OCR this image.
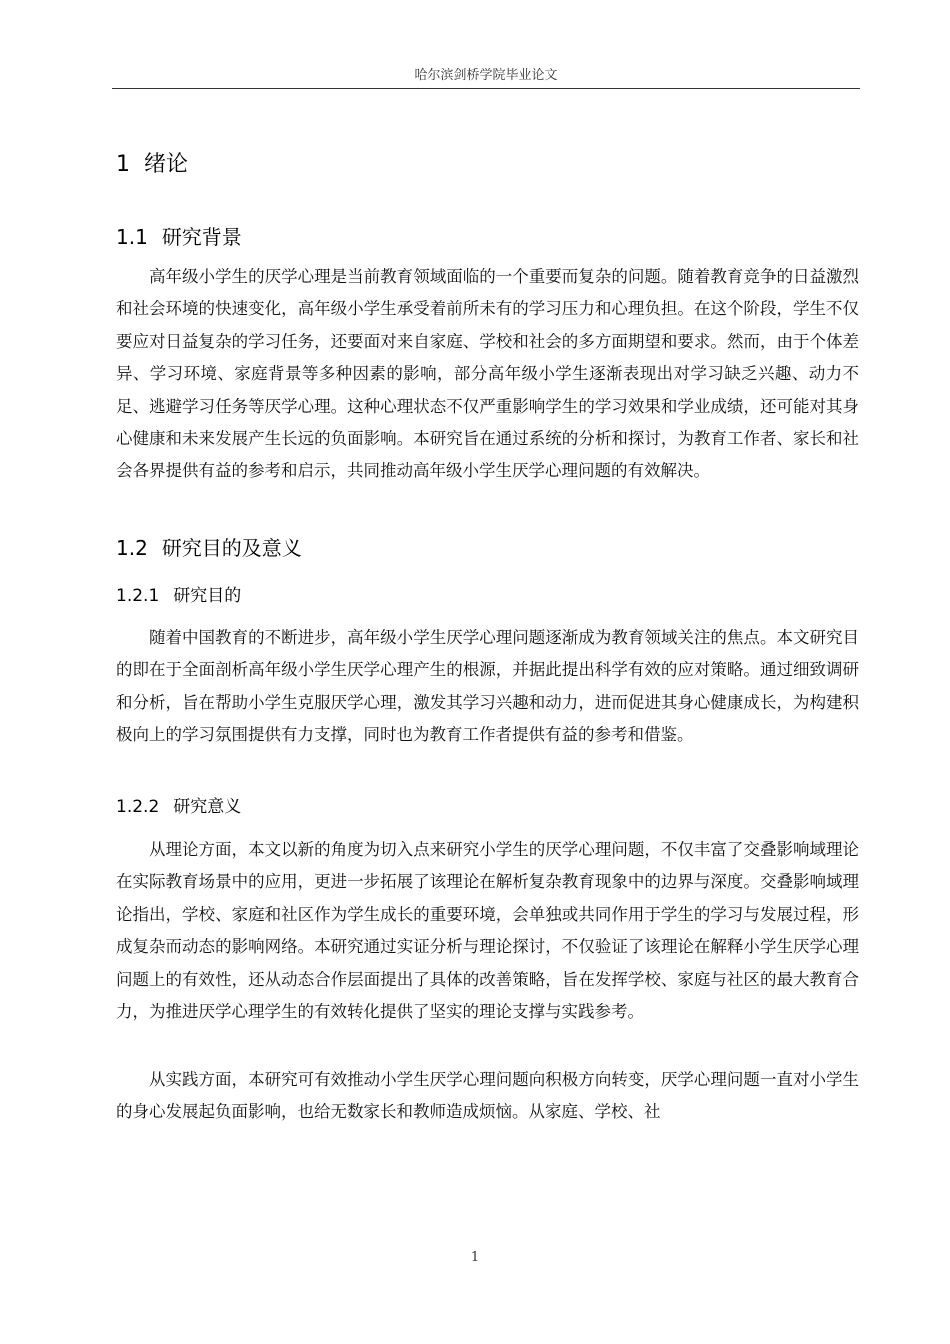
哈尔滨剑桥学院毕业论文
1 绪论
1.1 研究背景

高年级小学生的厌学心理是当前教育领域面临的一个重要而复杂的问题。随着教育竞争的日益激烈和社会环境的快速变化，高年级小学生承受着前所未有的学习压力和心理负担。在这个阶段，学生不仅要应对日益复杂的学习任务，还要面对来自家庭、学校和社会的多方面期望和要求。然而，由于个体差异、学习环境、家庭背景等多种因素的影响，部分高年级小学生逐渐表现出对学习缺乏兴趣、动力不足、逃避学习任务等厌学心理。这种心理状态不仅严重影响学生的学习效果和学业成绩，还可能对其身心健康和未来发展产生长远的负面影响。本研究旨在通过系统的分析和探讨，为教育工作者、家长和社会各界提供有益的参考和启示，共同推动高年级小学生厌学心理问题的有效解决。

1.2 研究目的及意义
1.2.1 研究目的

随着中国教育的不断进步，高年级小学生厌学心理问题逐渐成为教育领域关注的焦点。本文研究目的即在于全面剖析高年级小学生厌学心理产生的根源，并据此提出科学有效的应对策略。通过细致调研和分析，旨在帮助小学生克服厌学心理，激发其学习兴趣和动力，进而促进其身心健康成长，为构建积极向上的学习氛围提供有力支撑，同时也为教育工作者提供有益的参考和借鉴。

1.2.2 研究意义

从理论方面，本文以新的角度为切入点来研究小学生的厌学心理问题，不仅丰富了交叠影响域理论在实际教育场景中的应用，更进一步拓展了该理论在解析复杂教育现象中的边界与深度。交叠影响域理论指出，学校、家庭和社区作为学生成长的重要环境，会单独或共同作用于学生的学习与发展过程，形成复杂而动态的影响网络。本研究通过实证分析与理论探讨，不仅验证了该理论在解释小学生厌学心理问题上的有效性，还从动态合作层面提出了具体的改善策略，旨在发挥学校、家庭与社区的最大教育合力，为推进厌学心理学生的有效转化提供了坚实的理论支撑与实践参考。

从实践方面，本研究可有效推动小学生厌学心理问题向积极方向转变，厌学心理问题一直对小学生的身心发展起负面影响，也给无数家长和教师造成烦恼。从家庭、学校、社

1
